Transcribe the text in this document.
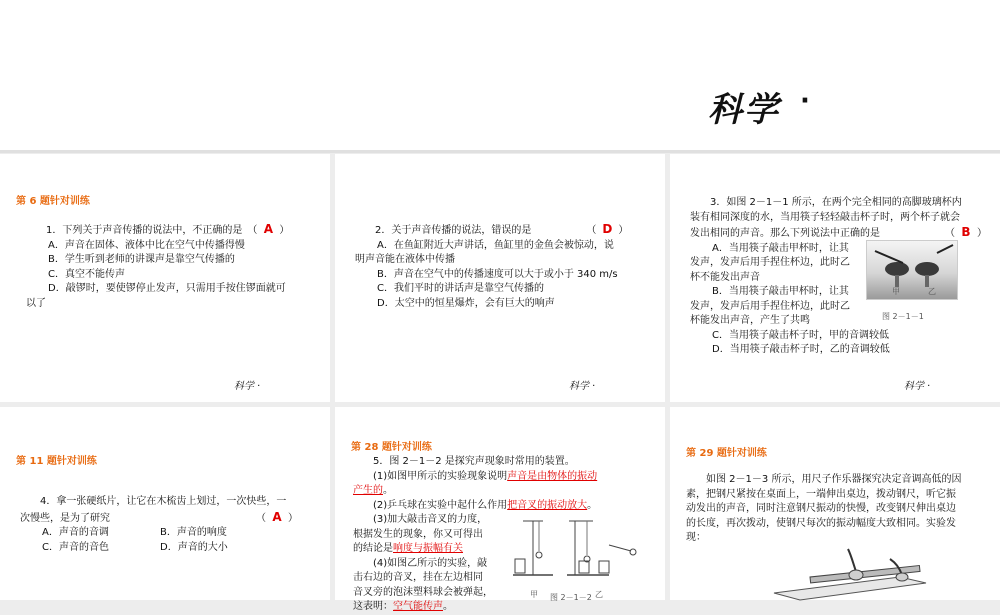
科学 ·
第 6 题针对训练

1．下列关于声音传播的说法中，不正确的是　 （ A ）

A．声音在固体、液体中比在空气中传播得慢

B．学生听到老师的讲课声是靠空气传播的

C．真空不能传声

D．敲锣时，要使锣停止发声，只需用手按住锣面就可

以了

科学 ·

2．关于声音传播的说法，错误的是　　　　　　	（ D ）

A．在鱼缸附近大声讲话，鱼缸里的金鱼会被惊动，说

明声音能在液体中传播

B．声音在空气中的传播速度可以大于或小于 340 m/s

C．我们平时的讲话声是靠空气传播的

D．太空中的恒星爆炸，会有巨大的响声

科学 ·

3．如图 2－1－1 所示，在两个完全相同的高脚玻璃杯内

装有相同深度的水，当用筷子轻轻敲击杯子时，两个杯子就会

发出相同的声音。那么下列说法中正确的是　　　　　　　	（ B ）

A．当用筷子敲击甲杯时，让其

发声，发声后用手捏住杯边，此时乙

杯不能发出声音

B．当用筷子敲击甲杯时，让其

发声，发声后用手捏住杯边，此时乙

杯能发出声音，产生了共鸣

C．当用筷子敲击杯子时，甲的音调较低

D．当用筷子敲击杯子时，乙的音调较低

甲	乙
图 2－1－1
科学 ·
第 11 题针对训练

4．拿一张硬纸片，让它在木梳齿上划过，一次快些，一

次慢些，是为了研究	（ A ）

A．声音的音调	B．声音的响度
C．声音的音色	D．声音的大小
第 28 题针对训练

5．图 2－1－2 是探究声现象时常用的装置。

(1)如图甲所示的实验现象说明声音是由物体的振动

产生的。

(2)乒乓球在实验中起什么作用把音叉的振动放大。

(3)加大敲击音叉的力度，

根据发生的现象，你又可得出

的结论是响度与振幅有关

(4)如图乙所示的实验，敲

击右边的音叉，挂在左边相同

音叉旁的泡沫塑料球会被弹起，

这表明：空气能传声。

甲	乙
图 2－1－2
第 29 题针对训练

如图 2－1－3 所示，用尺子作乐器探究决定音调高低的因

素，把钢尺紧按在桌面上，一端伸出桌边，拨动钢尺，听它振

动发出的声音，同时注意钢尺振动的快慢，改变钢尺伸出桌边

的长度，再次拨动，使钢尺每次的振动幅度大致相同。实验发

现：
